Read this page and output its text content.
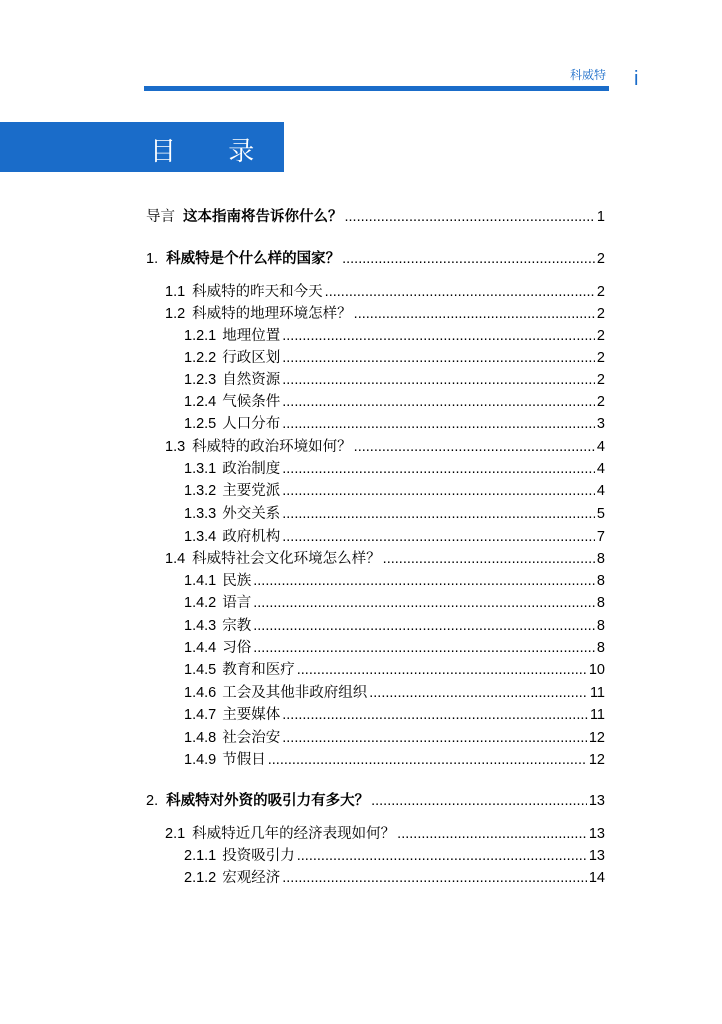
科威特 i
目 录
导言 这本指南将告诉你什么？ .....	1
1. 科威特是个什么样的国家？ .....	2
1.1 科威特的昨天和今天 .....	2
1.2 科威特的地理环境怎样？ .....	2
1.2.1 地理位置 .....	2
1.2.2 行政区划 .....	2
1.2.3 自然资源 .....	2
1.2.4 气候条件 .....	2
1.2.5 人口分布 .....	3
1.3 科威特的政治环境如何？ .....	4
1.3.1 政治制度 .....	4
1.3.2 主要党派 .....	4
1.3.3 外交关系 .....	5
1.3.4 政府机构 .....	7
1.4 科威特社会文化环境怎么样？ .....	8
1.4.1 民族 .....	8
1.4.2 语言 .....	8
1.4.3 宗教 .....	8
1.4.4 习俗 .....	8
1.4.5 教育和医疗 .....	10
1.4.6 工会及其他非政府组织 .....	11
1.4.7 主要媒体 .....	11
1.4.8 社会治安 .....	12
1.4.9 节假日 .....	12
2. 科威特对外资的吸引力有多大？ .....	13
2.1 科威特近几年的经济表现如何？ .....	13
2.1.1 投资吸引力 .....	13
2.1.2 宏观经济 .....	14
